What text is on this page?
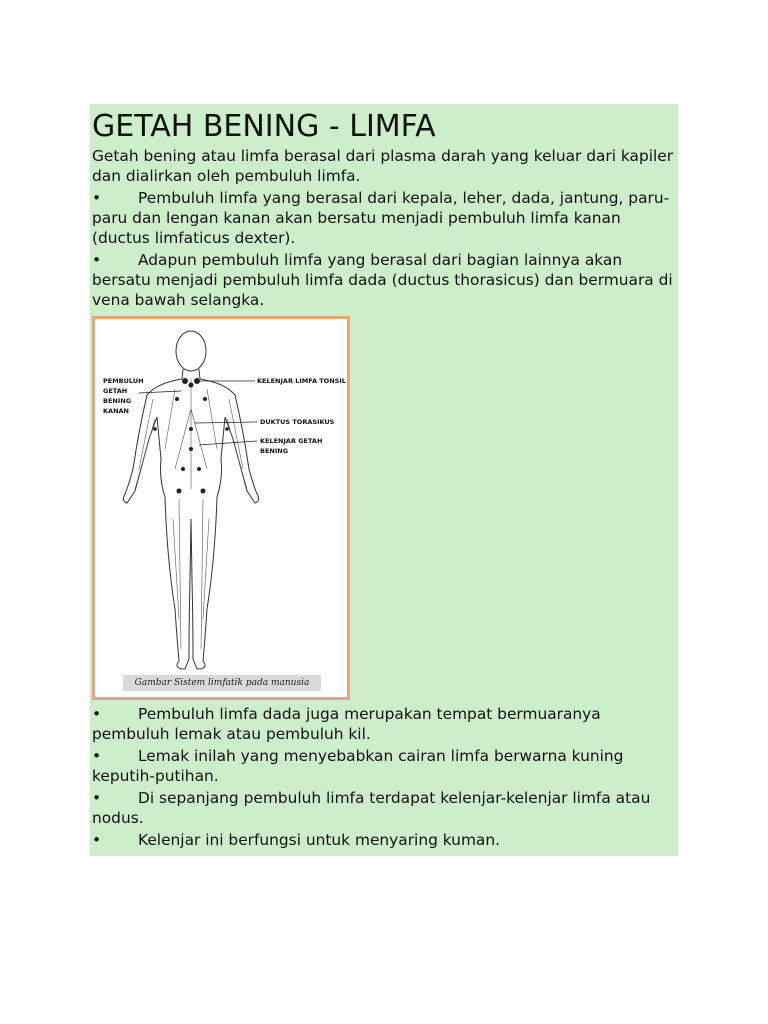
GETAH BENING - LIMFA

Getah bening atau limfa berasal dari plasma darah yang keluar dari kapiler dan dialirkan oleh pembuluh limfa.

• Pembuluh limfa yang berasal dari kepala, leher, dada, jantung, paru-paru dan lengan kanan akan bersatu menjadi pembuluh limfa kanan (ductus limfaticus dexter).

• Adapun pembuluh limfa yang berasal dari bagian lainnya akan bersatu menjadi pembuluh limfa dada (ductus thorasicus) dan bermuara di vena bawah selangka.

PEMBULUH
GETAH
BENING
KANAN
KELENJAR LIMFA TONSIL
DUKTUS TORASIKUS
KELENJAR GETAH
BENING
Gambar Sistem limfatik pada manusia

• Pembuluh limfa dada juga merupakan tempat bermuaranya pembuluh lemak atau pembuluh kil.

• Lemak inilah yang menyebabkan cairan limfa berwarna kuning keputih-putihan.

• Di sepanjang pembuluh limfa terdapat kelenjar-kelenjar limfa atau nodus.

• Kelenjar ini berfungsi untuk menyaring kuman.
